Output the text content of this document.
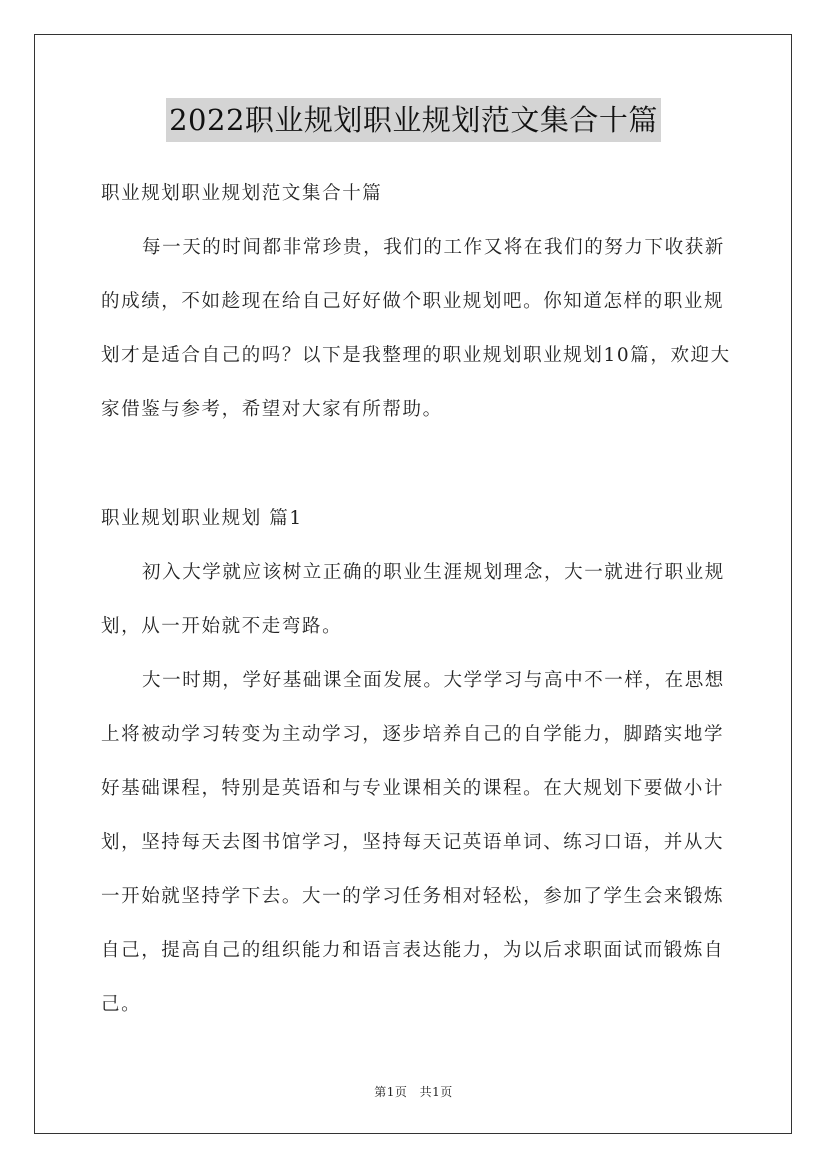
2022职业规划职业规划范文集合十篇

职业规划职业规划范文集合十篇

每一天的时间都非常珍贵，我们的工作又将在我们的努力下收获新的成绩，不如趁现在给自己好好做个职业规划吧。你知道怎样的职业规划才是适合自己的吗？以下是我整理的职业规划职业规划10篇，欢迎大家借鉴与参考，希望对大家有所帮助。

职业规划职业规划 篇1

初入大学就应该树立正确的职业生涯规划理念，大一就进行职业规划，从一开始就不走弯路。

大一时期，学好基础课全面发展。大学学习与高中不一样，在思想上将被动学习转变为主动学习，逐步培养自己的自学能力，脚踏实地学好基础课程，特别是英语和与专业课相关的课程。在大规划下要做小计划，坚持每天去图书馆学习，坚持每天记英语单词、练习口语，并从大一开始就坚持学下去。大一的学习任务相对轻松，参加了学生会来锻炼自己，提高自己的组织能力和语言表达能力，为以后求职面试而锻炼自己。

第1页 共1页
